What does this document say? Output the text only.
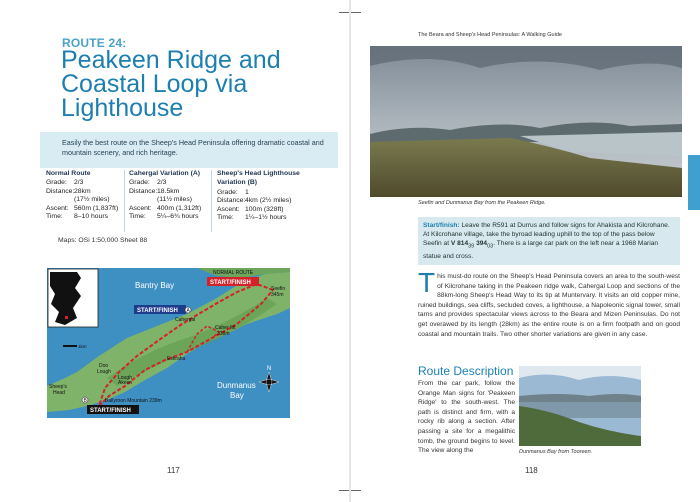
ROUTE 24:
Peakeen Ridge and Coastal Loop via Lighthouse

Easily the best route on the Sheep's Head Peninsula offering dramatic coastal and mountain scenery, and rich heritage.

Normal Route
Grade:	2/3
Distance: 28km
(17½ miles)
Ascent: 560m (1,837ft)
Time:	8–10 hours
Cahergal Variation (A)
Grade:	2/3
Distance: 18.5km
(11½ miles)
Ascent: 400m (1,312ft)
Time:	5¼–6¾ hours
Sheep's Head Lighthouse
Variation (B)
Grade:	1
Distance: 4km (2½ miles)
Ascent: 100m (328ft)
Time:	1¼–1½ hours
Maps: OSi 1:50,000 Sheet 88
Bantry Bay
Dunmanus
Bay
NORMAL ROUTE
START/FINISH
Seefin
345m
START/FINISH A
Cahergal
Caher Mt
338m
Eskraha
Doo
Lough
Lough
Akeen
Sheep's
Head
B	Ballyroon Mountain 239m
START/FINISH
1km
N
117
The Beara and Sheep's Head Peninsulas: A Walking Guide
Seefin and Dunmanus Bay from the Peakeen Ridge.

Start/finish: Leave the R591 at Durrus and follow signs for Ahakista and Kilcrohane. At Kilcrohane village, take the byroad leading uphill to the top of the pass below Seefin at V $814_{39}$ $394_{03}$. There is a large car park on the left near a 1968 Marian statue and cross.

This must-do route on the Sheep's Head Peninsula covers an area to the south-west of Kilcrohane taking in the Peakeen ridge walk, Cahergal Loop and sections of the 88km-long Sheep's Head Way to its tip at Muntervary. It visits an old copper mine, ruined buildings, sea cliffs, secluded coves, a lighthouse, a Napoleonic signal tower, small tarns and provides spectacular views across to the Beara and Mizen Peninsulas. Do not get overawed by its length (28km) as the entire route is on a firm footpath and on good coastal and mountain trails. Two other shorter variations are given in any case.
Route Description
From the car park, follow the Orange Man signs for 'Peakeen Ridge' to the south-west. The path is distinct and firm, with a rocky rib along a section. After passing a site for a megalithic tomb, the ground begins to level. The view along the	Dunmanus Bay from Tooreen.
118
